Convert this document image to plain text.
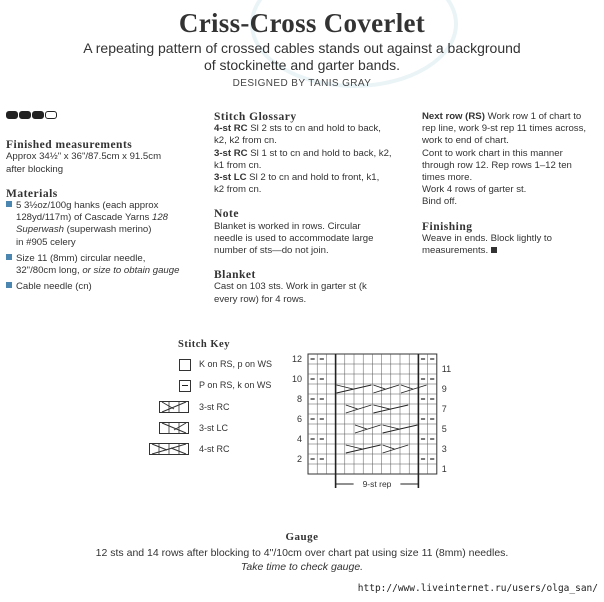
Criss-Cross Coverlet
A repeating pattern of crossed cables stands out against a background
of stockinette and garter bands.
DESIGNED BY TANIS GRAY
Finished measurements
Approx 34½" x 36"/87.5cm x 91.5cm
after blocking
Materials
5 3½oz/100g hanks (each approx
128yd/117m) of Cascade Yarns 128
Superwash (superwash merino)
in #905 celery
Size 11 (8mm) circular needle,
32"/80cm long, or size to obtain gauge
Cable needle (cn)
Stitch Glossary
4-st RC Sl 2 sts to cn and hold to back,
k2, k2 from cn.
3-st RC Sl 1 st to cn and hold to back, k2,
k1 from cn.
3-st LC Sl 2 to cn and hold to front, k1,
k2 from cn.
Note
Blanket is worked in rows. Circular
needle is used to accommodate large
number of sts—do not join.
Blanket
Cast on 103 sts. Work in garter st (k
every row) for 4 rows.
Next row (RS) Work row 1 of chart to
rep line, work 9-st rep 11 times across,
work to end of chart.
Cont to work chart in this manner
through row 12. Rep rows 1–12 ten
times more.
Work 4 rows of garter st.
Bind off.
Finishing
Weave in ends. Block lightly to
measurements.
Stitch Key
K on RS, p on WS
P on RS, k on WS
3-st RC
3-st LC
4-st RC
12
10
8
6
4
2
11
9
7
5
3
1
9-st rep
Gauge
12 sts and 14 rows after blocking to 4"/10cm over chart pat using size 11 (8mm) needles.
Take time to check gauge.
http://www.liveinternet.ru/users/olga_san/
